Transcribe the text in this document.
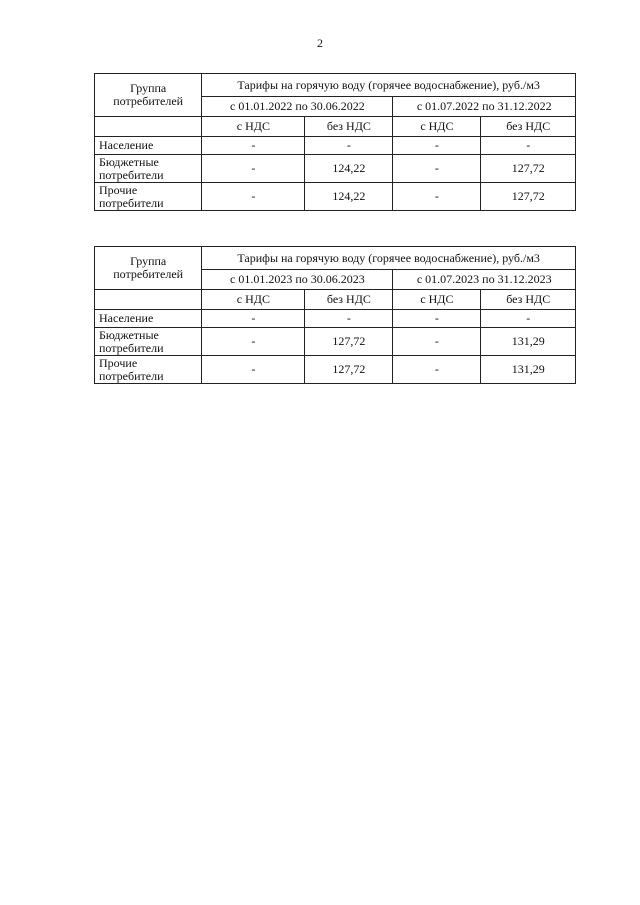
2
Группа потребителей	Тарифы на горячую воду (горячее водоснабжение), руб./м3			
	с 01.01.2022 по 30.06.2022		с 01.07.2022 по 31.12.2022	
	с НДС	без НДС	с НДС	без НДС
Население	-	-	-	-
Бюджетные потребители	-	124,22	-	127,72
Прочие потребители	-	124,22	-	127,72
Группа потребителей	Тарифы на горячую воду (горячее водоснабжение), руб./м3			
	с 01.01.2023 по 30.06.2023		с 01.07.2023 по 31.12.2023	
	с НДС	без НДС	с НДС	без НДС
Население	-	-	-	-
Бюджетные потребители	-	127,72	-	131,29
Прочие потребители	-	127,72	-	131,29
